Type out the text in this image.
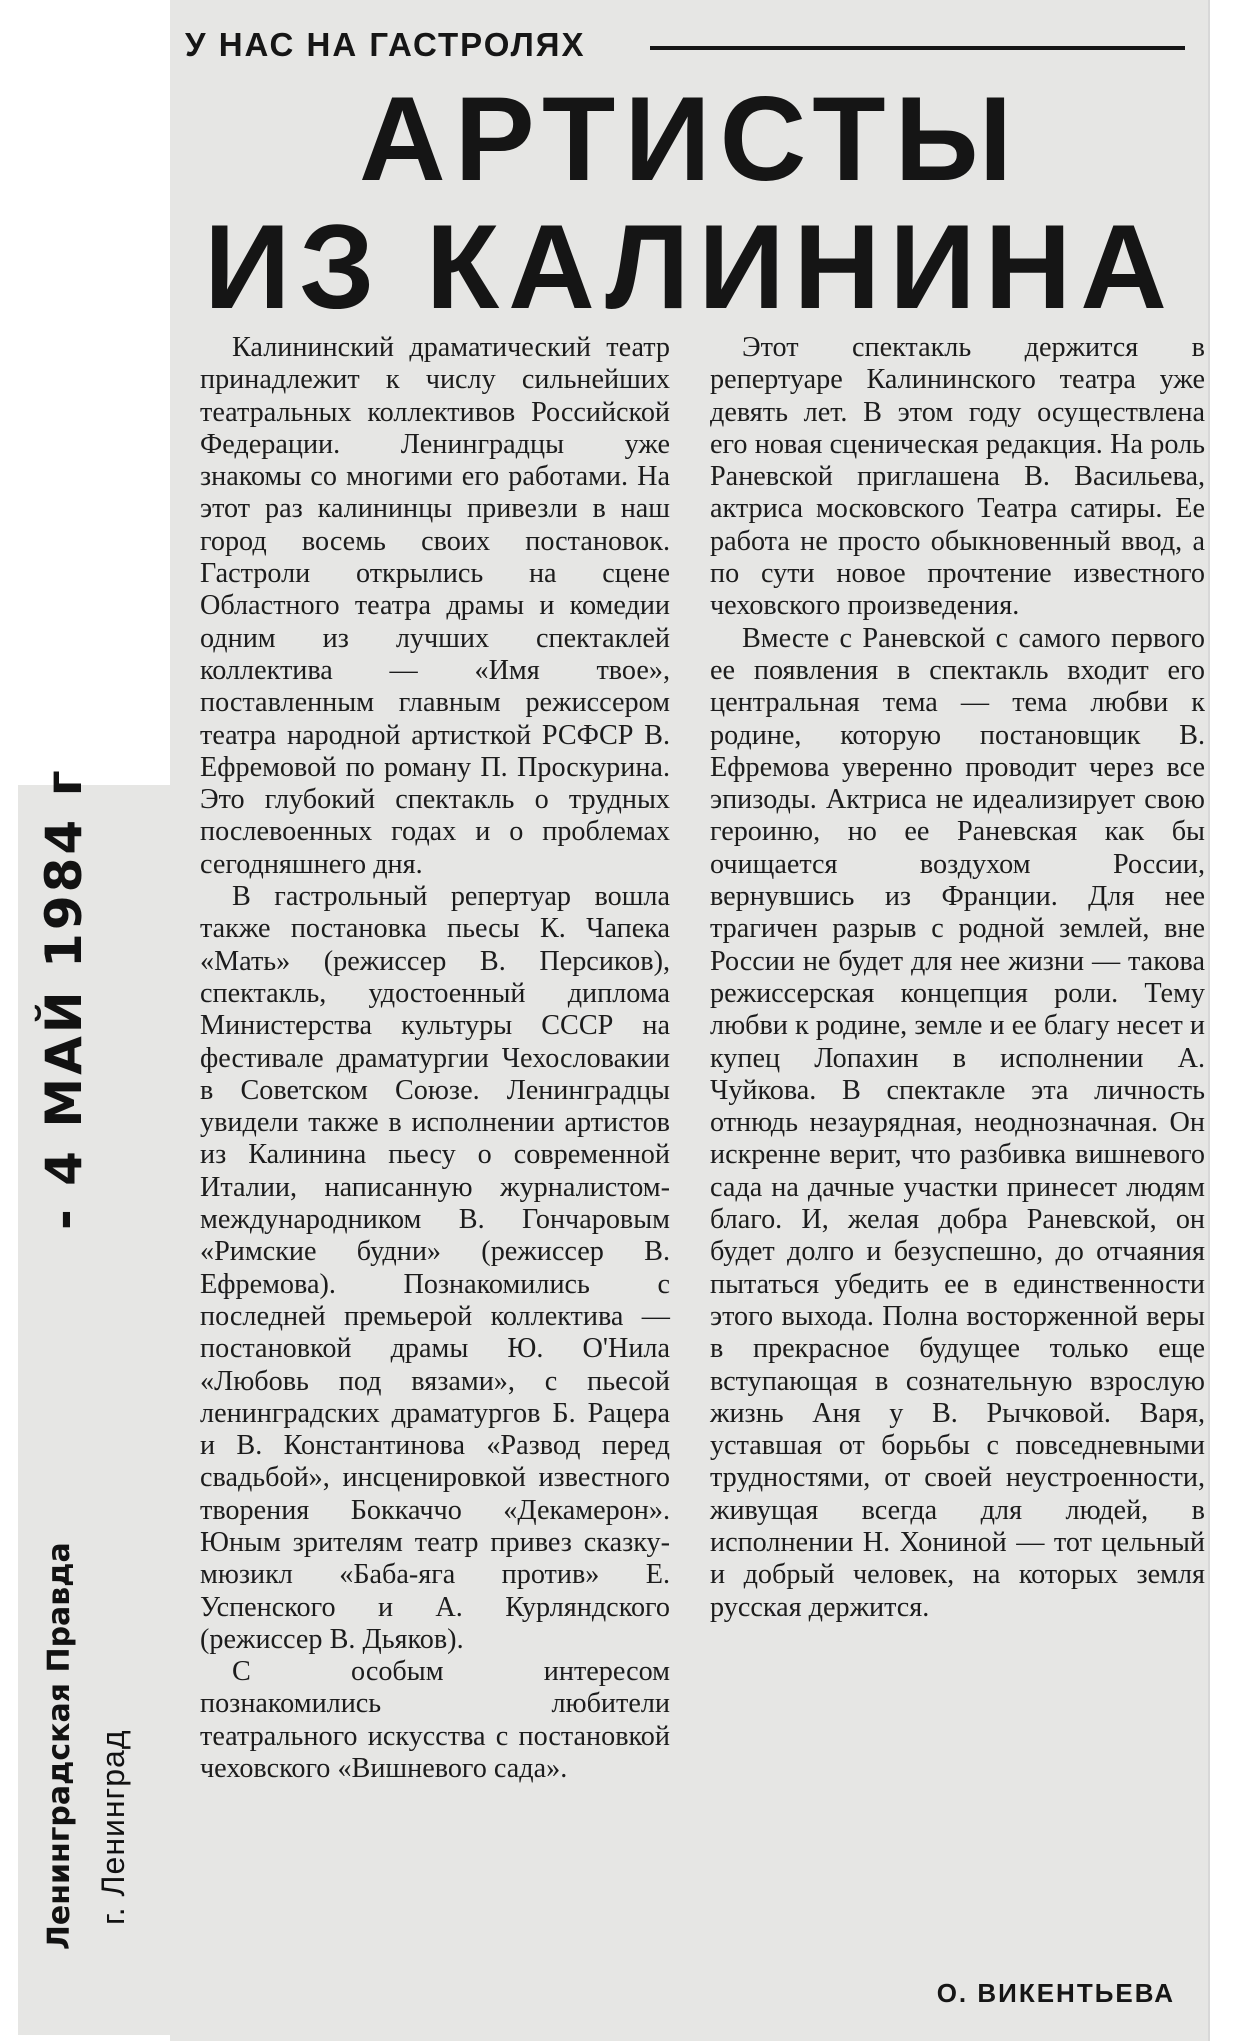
У НАС НА ГАСТРОЛЯХ
АРТИСТЫ
ИЗ КАЛИНИНА

Калининский драматический театр принадлежит к числу сильнейших театральных коллективов Российской Федерации. Ленинградцы уже знакомы со многими его работами. На этот раз калининцы привезли в наш город восемь своих постановок. Гастроли открылись на сцене Областного театра драмы и комедии одним из лучших спектаклей коллектива — «Имя твое», поставленным главным режиссером театра народной артисткой РСФСР В. Ефремовой по роману П. Проскурина. Это глубокий спектакль о трудных послевоенных годах и о проблемах сегодняшнего дня.

В гастрольный репертуар вошла также постановка пьесы К. Чапека «Мать» (режиссер В. Персиков), спектакль, удостоенный диплома Министерства культуры СССР на фестивале драматургии Чехословакии в Советском Союзе. Ленинградцы увидели также в исполнении артистов из Калинина пьесу о современной Италии, написанную журналистом-международником В. Гончаровым «Римские будни» (режиссер В. Ефремова). Познакомились с последней премьерой коллектива — постановкой драмы Ю. О'Нила «Любовь под вязами», с пьесой ленинградских драматургов Б. Рацера и В. Константинова «Развод перед свадьбой», инсценировкой известного творения Боккаччо «Декамерон». Юным зрителям театр привез сказку-мюзикл «Баба-яга против» Е. Успенского и А. Курляндского (режиссер В. Дьяков).

С особым интересом познакомились любители театрального искусства с постановкой чеховского «Вишневого сада».

Этот спектакль держится в репертуаре Калининского театра уже девять лет. В этом году осуществлена его новая сценическая редакция. На роль Раневской приглашена В. Васильева, актриса московского Театра сатиры. Ее работа не просто обыкновенный ввод, а по сути новое прочтение известного чеховского произведения.

Вместе с Раневской с самого первого ее появления в спектакль входит его центральная тема — тема любви к родине, которую постановщик В. Ефремова уверенно проводит через все эпизоды. Актриса не идеализирует свою героиню, но ее Раневская как бы очищается воздухом России, вернувшись из Франции. Для нее трагичен разрыв с родной землей, вне России не будет для нее жизни — такова режиссерская концепция роли. Тему любви к родине, земле и ее благу несет и купец Лопахин в исполнении А. Чуйкова. В спектакле эта личность отнюдь незаурядная, неоднозначная. Он искренне верит, что разбивка вишневого сада на дачные участки принесет людям благо. И, желая добра Раневской, он будет долго и безуспешно, до отчаяния пытаться убедить ее в единственности этого выхода. Полна восторженной веры в прекрасное будущее только еще вступающая в сознательную взрослую жизнь Аня у В. Рычковой. Варя, уставшая от борьбы с повседневными трудностями, от своей неустроенности, живущая всегда для людей, в исполнении Н. Хониной — тот цельный и добрый человек, на которых земля русская держится.

О. ВИКЕНТЬЕВА
- 4 МАЙ 1984 г
Ленинградская Правда г. Ленинград
